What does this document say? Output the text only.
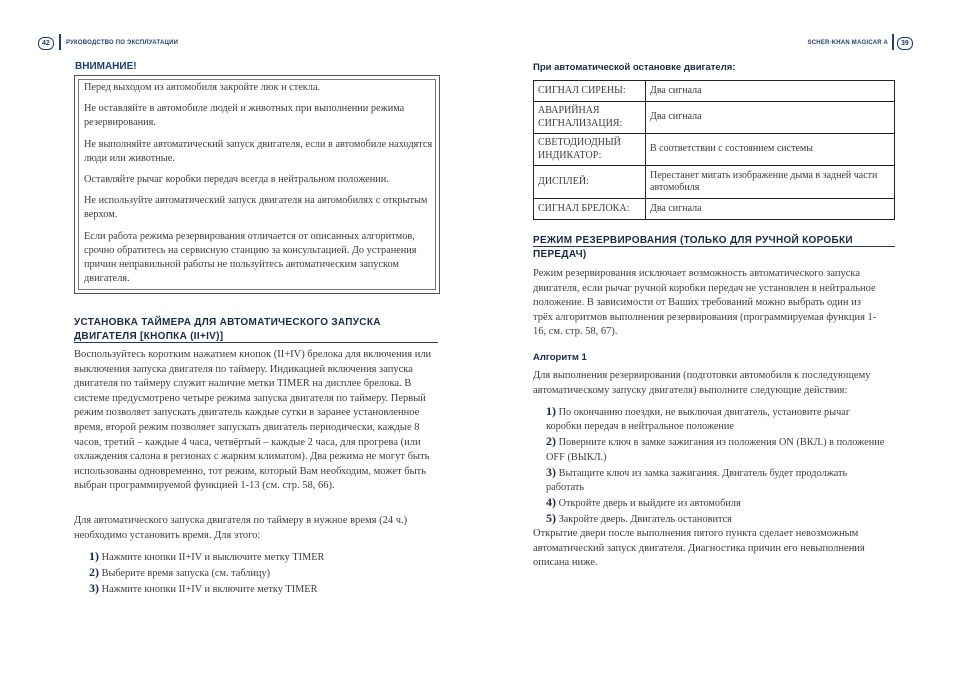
42	РУКОВОДСТВО ПО ЭКСПЛУАТАЦИИ	SCHER-KHAN MAGICAR A	39
ВНИМАНИЕ!

Перед выходом из автомобиля закройте люк и стекла.

Не оставляйте в автомобиле людей и животных при выполнении режима резервирования.

Не выполняйте автоматический запуск двигателя, если в автомобиле находятся люди или животные.

Оставляйте рычаг коробки передач всегда в нейтральном положении.

Не используйте автоматический запуск двигателя на автомобилях с открытым верхом.

Если работа режима резервирования отличается от описанных алгоритмов, срочно обратитесь на сервисную станцию за консультацией. До устранения причин неправильной работы не пользуйтесь автоматическим запуском двигателя.

УСТАНОВКА ТАЙМЕРА ДЛЯ АВТОМАТИЧЕСКОГО ЗАПУСКА ДВИГАТЕЛЯ [КНОПКА (II+IV)]
Воспользуйтесь коротким нажатием кнопок (II+IV) брелока для включения или выключения запуска двигателя по таймеру. Индикацией включения запуска двигателя по таймеру служит наличие метки TIMER на дисплее брелока. В системе предусмотрено четыре режима запуска двигателя по таймеру. Первый режим позволяет запускать двигатель каждые сутки в заранее установленное время, второй режим позволяет запускать двигатель периодически, каждые 8 часов, третий – каждые 4 часа, четвёртый – каждые 2 часа, для прогрева (или охлаждения салона в регионах с жарким климатом). Два режима не могут быть использованы одновременно, тот режим, который Вам необходим, может быть выбран программируемой функцией 1-13 (см. стр. 58, 66).
Для автоматического запуска двигателя по таймеру в нужное время (24 ч.) необходимо установить время. Для этого:
1) Нажмите кнопки II+IV и выключите метку TIMER
2) Выберите время запуска (см. таблицу)
3) Нажмите кнопки II+IV и включите метку TIMER
При автоматической остановке двигателя:
СИГНАЛ СИРЕНЫ:	Два сигнала
АВАРИЙНАЯ СИГНАЛИЗАЦИЯ:	Два сигнала
СВЕТОДИОДНЫЙ ИНДИКАТОР:	В соответствии с состоянием системы
ДИСПЛЕЙ:	Перестанет мигать изображение дыма в задней части автомобиля
СИГНАЛ БРЕЛОКА:	Два сигнала
РЕЖИМ РЕЗЕРВИРОВАНИЯ (ТОЛЬКО ДЛЯ РУЧНОЙ КОРОБКИ ПЕРЕДАЧ)
Режим резервирования исключает возможность автоматического запуска двигателя, если рычаг ручной коробки передач не установлен в нейтральное положение. В зависимости от Ваших требований можно выбрать один из трёх алгоритмов выполнения резервирования (программируемая функция 1-16, см. стр. 58, 67).
Алгоритм 1
Для выполнения резервирования (подготовки автомобиля к последующему автоматическому запуску двигателя) выполните следующие действия:
1) По окончанию поездки, не выключая двигатель, установите рычаг коробки передач в нейтральное положение
2) Поверните ключ в замке зажигания из положения ON (ВКЛ.) в положение OFF (ВЫКЛ.)
3) Вытащите ключ из замка зажигания. Двигатель будет продолжать работать
4) Откройте дверь и выйдите из автомобиля
5) Закройте дверь. Двигатель остановится
Открытие двери после выполнения пятого пункта сделает невозможным автоматический запуск двигателя. Диагностика причин его невыполнения описана ниже.
